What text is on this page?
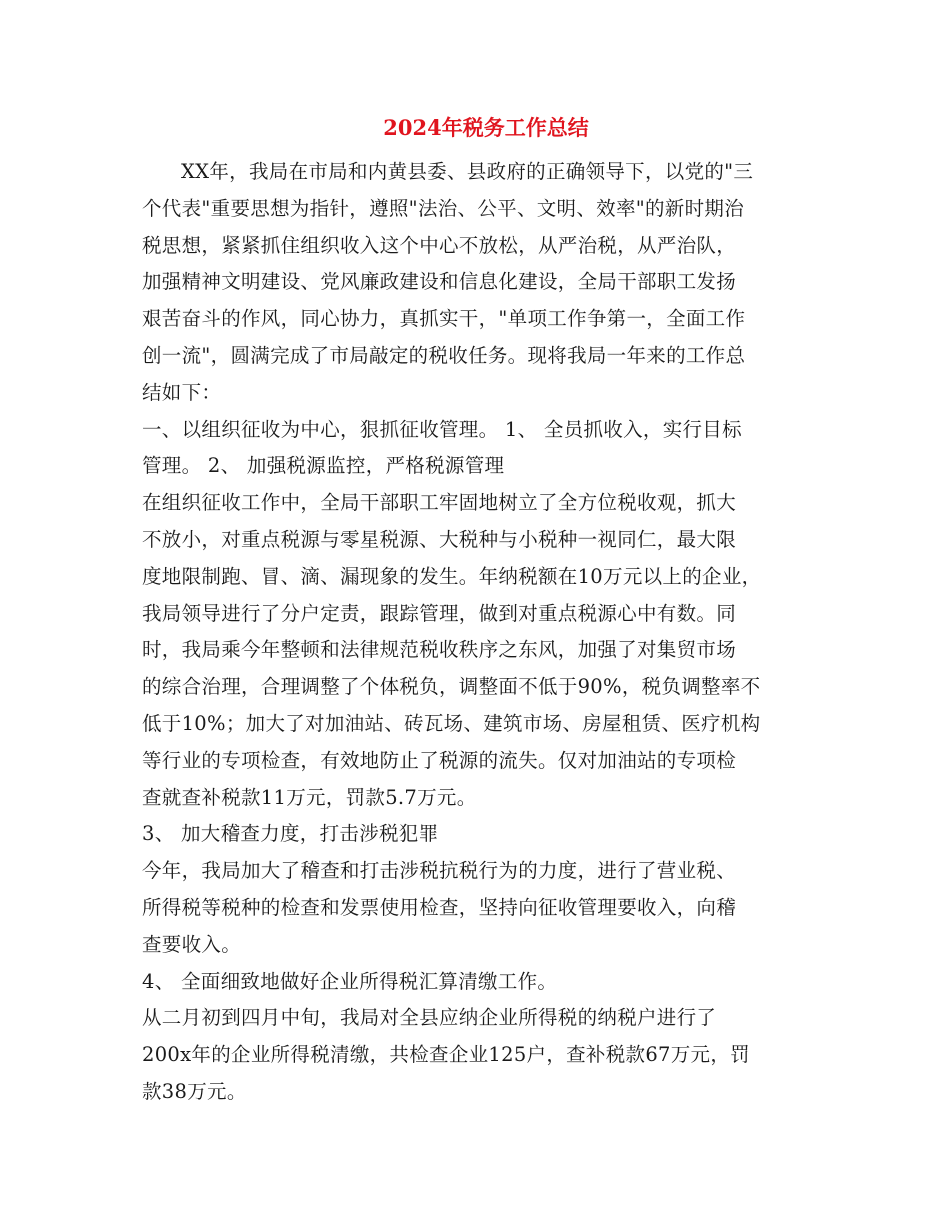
2024年税务工作总结
XX年，我局在市局和内黄县委、县政府的正确领导下，以党的"三
个代表"重要思想为指针，遵照"法治、公平、文明、效率"的新时期治
税思想，紧紧抓住组织收入这个中心不放松，从严治税，从严治队，
加强精神文明建设、党风廉政建设和信息化建设，全局干部职工发扬
艰苦奋斗的作风，同心协力，真抓实干，"单项工作争第一，全面工作
创一流"，圆满完成了市局敲定的税收任务。现将我局一年来的工作总
结如下：
一、以组织征收为中心，狠抓征收管理。 1、 全员抓收入，实行目标
管理。 2、 加强税源监控，严格税源管理
在组织征收工作中，全局干部职工牢固地树立了全方位税收观，抓大
不放小，对重点税源与零星税源、大税种与小税种一视同仁，最大限
度地限制跑、冒、滴、漏现象的发生。年纳税额在10万元以上的企业，
我局领导进行了分户定责，跟踪管理，做到对重点税源心中有数。同
时，我局乘今年整顿和法律规范税收秩序之东风，加强了对集贸市场
的综合治理，合理调整了个体税负，调整面不低于90%，税负调整率不
低于10%；加大了对加油站、砖瓦场、建筑市场、房屋租赁、医疗机构
等行业的专项检查，有效地防止了税源的流失。仅对加油站的专项检
查就查补税款11万元，罚款5.7万元。
3、 加大稽查力度，打击涉税犯罪
今年，我局加大了稽查和打击涉税抗税行为的力度，进行了营业税、
所得税等税种的检查和发票使用检查，坚持向征收管理要收入，向稽
查要收入。
4、 全面细致地做好企业所得税汇算清缴工作。
从二月初到四月中旬，我局对全县应纳企业所得税的纳税户进行了
200x年的企业所得税清缴，共检查企业125户，查补税款67万元，罚
款38万元。
